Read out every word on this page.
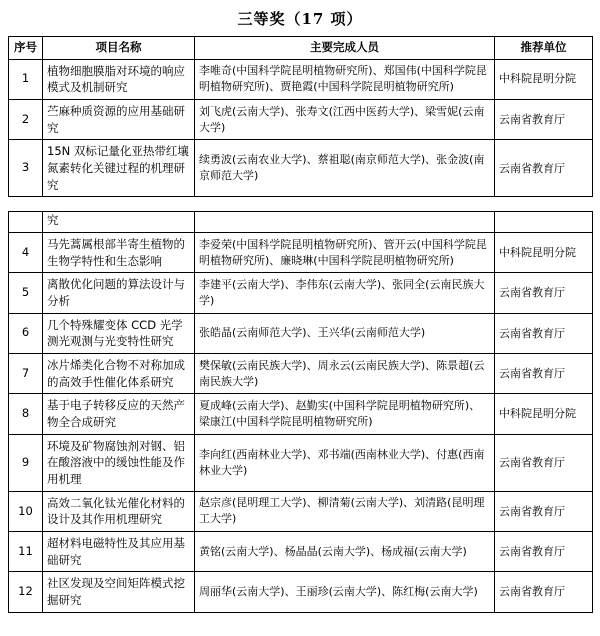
三等奖（17 项）
序号	项目名称	主要完成人员	推荐单位
1	植物细胞膜脂对环境的响应模式及机制研究	李唯奇(中国科学院昆明植物研究所)、郑国伟(中国科学院昆明植物研究所)、贾艳霞(中国科学院昆明植物研究所)	中科院昆明分院
2	苎麻种质资源的应用基础研究	刘飞虎(云南大学)、张寿文(江西中医药大学)、梁雪妮(云南大学)	云南省教育厅
3	15N 双标记量化亚热带红壤氮素转化关键过程的机理研究	续勇波(云南农业大学)、蔡祖聪(南京师范大学)、张金波(南京师范大学)	云南省教育厅

	究		
4	马先蒿属根部半寄生植物的生物学特性和生态影响	李爱荣(中国科学院昆明植物研究所)、管开云(中国科学院昆明植物研究所)、廉晓琳(中国科学院昆明植物研究所)	中科院昆明分院
5	离散优化问题的算法设计与分析	李建平(云南大学)、李伟东(云南大学)、张同全(云南民族大学)	云南省教育厅
6	几个特殊耀变体 CCD 光学测光观测与光变特性研究	张皓晶(云南师范大学)、王兴华(云南师范大学)	云南省教育厅
7	冰片烯类化合物不对称加成的高效手性催化体系研究	樊保敏(云南民族大学)、周永云(云南民族大学)、陈景超(云南民族大学)	云南省教育厅
8	基于电子转移反应的天然产物全合成研究	夏成峰(云南大学)、赵勤实(中国科学院昆明植物研究所)、梁康江(中国科学院昆明植物研究所)	中科院昆明分院
9	环境及矿物腐蚀剂对钢、铝在酸溶液中的缓蚀性能及作用机理	李向红(西南林业大学)、邓书端(西南林业大学)、付惠(西南林业大学)	云南省教育厅
10	高效二氧化钛光催化材料的设计及其作用机理研究	赵宗彦(昆明理工大学)、柳清菊(云南大学)、刘清路(昆明理工大学)	云南省教育厅
11	超材料电磁特性及其应用基础研究	黄铭(云南大学)、杨晶晶(云南大学)、杨成福(云南大学)	云南省教育厅
12	社区发现及空间矩阵模式挖掘研究	周丽华(云南大学)、王丽珍(云南大学)、陈红梅(云南大学)	云南省教育厅
